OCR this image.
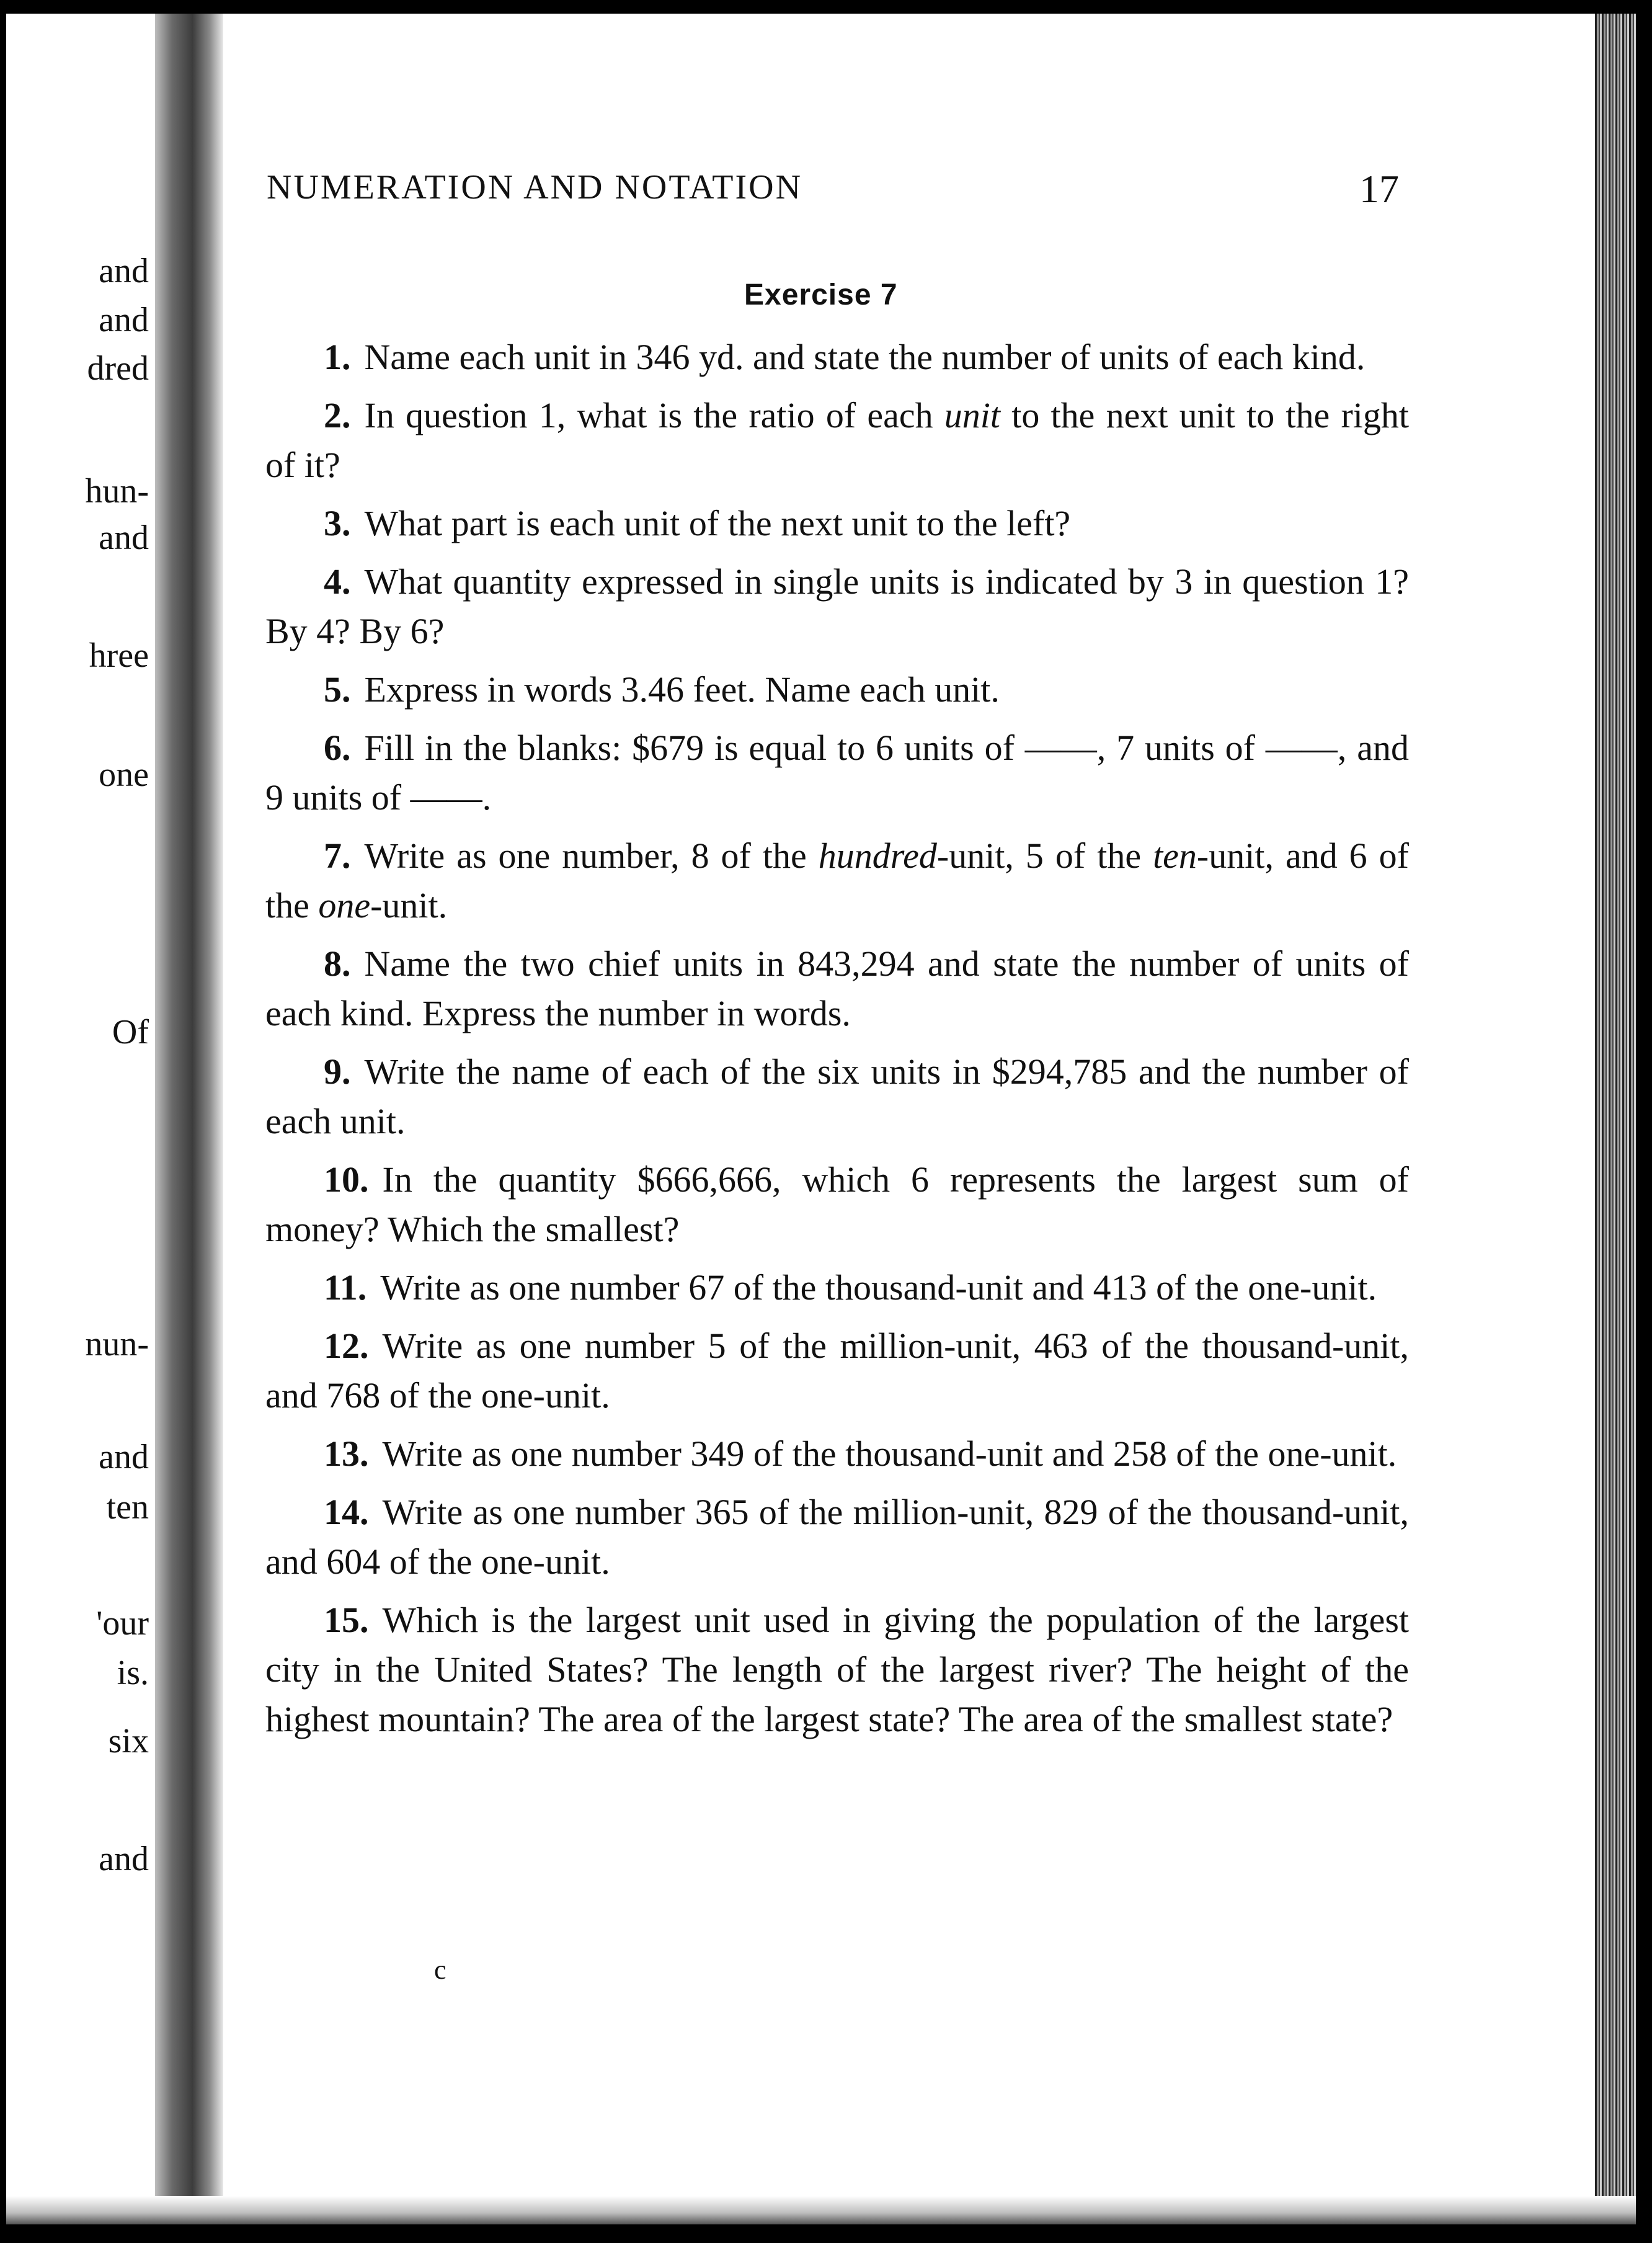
and
and
dred
hun-
and
hree
one
Of
nun-
and
ten
'our
is.
six
and
NUMERATION AND NOTATION	17
Exercise 7
1. Name each unit in 346 yd. and state the number of units of each kind.
2. In question 1, what is the ratio of each unit to the next unit to the right of it?
3. What part is each unit of the next unit to the left?
4. What quantity expressed in single units is indicated by 3 in question 1? By 4? By 6?
5. Express in words 3.46 feet. Name each unit.
6. Fill in the blanks: $679 is equal to 6 units of ——, 7 units of ——, and 9 units of ——.
7. Write as one number, 8 of the hundred-unit, 5 of the ten-unit, and 6 of the one-unit.
8. Name the two chief units in 843,294 and state the number of units of each kind. Express the number in words.
9. Write the name of each of the six units in $294,785 and the number of each unit.
10. In the quantity $666,666, which 6 represents the largest sum of money? Which the smallest?
11. Write as one number 67 of the thousand-unit and 413 of the one-unit.
12. Write as one number 5 of the million-unit, 463 of the thousand-unit, and 768 of the one-unit.
13. Write as one number 349 of the thousand-unit and 258 of the one-unit.
14. Write as one number 365 of the million-unit, 829 of the thousand-unit, and 604 of the one-unit.
15. Which is the largest unit used in giving the population of the largest city in the United States? The length of the largest river? The height of the highest mountain? The area of the largest state? The area of the smallest state?
c
